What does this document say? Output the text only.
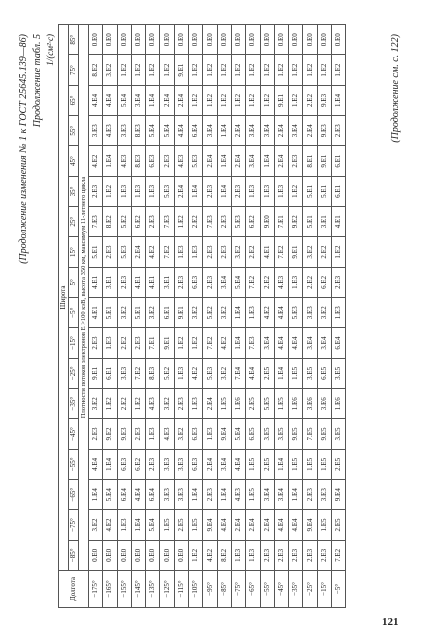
(Продолжение изменения № 1 к ГОСТ 25645.139—86) Продолжение табл. 5 1/(см²·с)
Долгота	Широта																	
	−85°	−75°	−65°	−55°	−45°	−35°	−25°	−15°	−5°	5°	15°	25°	35°	45°	55°	65°	75°	85°
	Плотности потоков электронов E >100 кэВ, высота 350 км, максимум 11-летнего цикла																	
−175°	0.E0	3.E2	1.E4	4.E4	2.E3	3.E2	9.E1	2.E3	4.E1	4.E1	5.E1	7.E3	2.E3	4.E2	3.E3	4.E4	8.E2	0.E0
−165°	0.E0	4.E2	5.E4	1.E4	9.E2	1.E2	6.E1	1.E3	5.E1	3.E1	2.E3	8.E2	1.E2	1.E4	4.E3	4.E4	3.E2	0.E0
−155°	0.E0	1.E3	6.E4	6.E3	9.E3	2.E2	3.E3	2.E2	3.E2	2.E3	5.E3	5.E2	1.E3	4.E3	3.E3	5.E4	1.E2	0.E0
−145°	0.E0	1.E4	4.E4	6.E2	2.E3	1.E2	7.E2	2.E3	5.E1	4.E1	2.E4	6.E2	1.E3	8.E3	8.E3	3.E4	1.E2	0.E0
−135°	0.E0	5.E4	6.E4	2.E3	1.E3	4.E3	8.E3	7.E1	3.E2	4.E1	4.E2	2.E3	1.E3	6.E3	5.E4	1.E4	1.E2	0.E0
−125°	0.E0	1.E5	3.E3	3.E3	4.E3	3.E2	5.E2	9.E1	6.E1	3.E1	7.E2	7.E3	5.E3	2.E3	5.E4	2.E4	1.E2	0.E0
−115°	0.E0	2.E5	3.E3	3.E3	3.E2	2.E3	1.E3	1.E2	9.E1	2.E3	1.E3	1.E2	2.E4	4.E3	4.E4	2.E4	9.E1	0.E0
−105°	1.E2	1.E5	1.E4	6.E3	6.E3	1.E3	4.E2	1.E2	3.E2	6.E3	1.E3	2.E2	1.E4	5.E3	6.E4	1.E2	1.E2	0.E0
−95°	4.E2	9.E4	2.E3	2.E4	1.E3	2.E4	5.E3	7.E2	5.E2	2.E3	2.E3	7.E3	2.E3	2.E4	3.E4	1.E2	1.E2	0.E0
−85°	8.E2	4.E4	1.E4	3.E4	9.E4	1.E5	3.E2	4.E2	3.E2	3.E4	2.E3	2.E3	1.E4	1.E4	1.E4	1.E2	1.E2	0.E0
−75°	1.E3	2.E4	4.E3	4.E4	5.E4	1.E6	7.E4	1.E4	1.E4	5.E4	3.E2	5.E3	2.E3	2.E4	2.E4	1.E2	1.E2	0.E0
−65°	1.E3	2.E4	1.E5	1.E5	6.E5	2.E5	4.E4	7.E3	1.E3	7.E2	2.E2	6.E2	1.E3	3.E4	3.E4	1.E2	1.E2	0.E0
−55°	2.E3	2.E4	3.E4	2.E5	3.E5	5.E5	2.E5	3.E4	4.E2	2.E2	4.E1	9.E0	1.E3	1.E4	3.E4	1.E2	1.E2	0.E0
−45°	2.E3	4.E4	3.E4	1.E4	3.E5	1.E5	1.E4	4.E4	4.E4	4.E3	7.E2	7.E1	1.E3	2.E4	2.E4	9.E1	1.E2	0.E0
−35°	2.E3	4.E4	1.E4	1.E5	9.E5	1.E6	1.E5	4.E4	5.E3	1.E3	9.E1	9.E2	1.E2	2.E3	3.E4	1.E2	1.E2	0.E0
−25°	2.E3	9.E4	2.E3	1.E5	7.E5	3.E6	3.E5	3.E4	3.E3	2.E2	3.E2	5.E1	5.E1	8.E1	2.E4	2.E2	1.E2	0.E0
−15°	2.E3	1.E5	3.E3	1.E5	9.E5	3.E6	6.E5	3.E4	3.E2	6.E2	2.E2	3.E1	5.E1	9.E1	9.E3	9.E3	1.E2	0.E0
−5°	7.E2	2.E5	9.E4	2.E5	3.E5	1.E6	3.E5	6.E4	1.E3	2.E3	1.E2	4.E1	6.E1	6.E1	2.E3	1.E4	1.E2	0.E0	(Продолжение см. с. 122)
121
